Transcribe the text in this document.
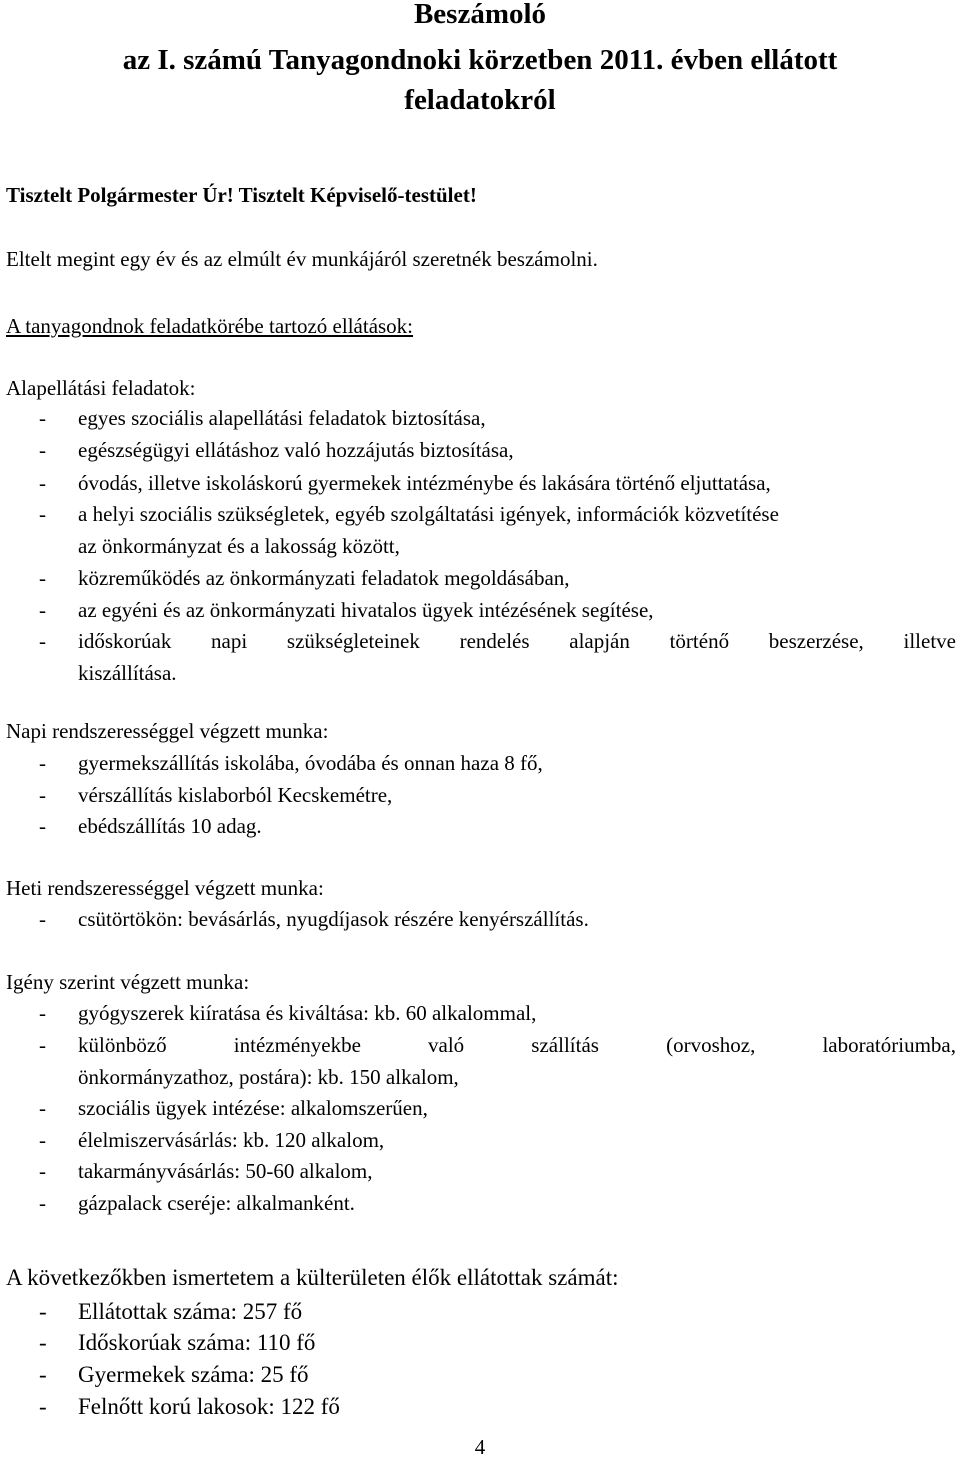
Beszámoló
az I. számú Tanyagondnoki körzetben 2011. évben ellátott
feladatokról
Tisztelt Polgármester Úr! Tisztelt Képviselő-testület!
Eltelt megint egy év és az elmúlt év munkájáról szeretnék beszámolni.
A tanyagondnok feladatkörébe tartozó ellátások:
Alapellátási feladatok:
- egyes szociális alapellátási feladatok biztosítása,
- egészségügyi ellátáshoz való hozzájutás biztosítása,
- óvodás, illetve iskoláskorú gyermekek intézménybe és lakására történő eljuttatása,
- a helyi szociális szükségletek, egyéb szolgáltatási igények, információk közvetítése
az önkormányzat és a lakosság között,
- közreműködés az önkormányzati feladatok megoldásában,
- az egyéni és az önkormányzati hivatalos ügyek intézésének segítése,
- időskorúak napi szükségleteinek rendelés alapján történő beszerzése, illetve
kiszállítása.
Napi rendszerességgel végzett munka:
- gyermekszállítás iskolába, óvodába és onnan haza 8 fő,
- vérszállítás kislaborból Kecskemétre,
- ebédszállítás 10 adag.
Heti rendszerességgel végzett munka:
- csütörtökön: bevásárlás, nyugdíjasok részére kenyérszállítás.
Igény szerint végzett munka:
- gyógyszerek kiíratása és kiváltása: kb. 60 alkalommal,
- különböző intézményekbe való szállítás (orvoshoz, laboratóriumba,
önkormányzathoz, postára): kb. 150 alkalom,
- szociális ügyek intézése: alkalomszerűen,
- élelmiszervásárlás: kb. 120 alkalom,
- takarmányvásárlás: 50-60 alkalom,
- gázpalack cseréje: alkalmanként.
A következőkben ismertetem a külterületen élők ellátottak számát:
- Ellátottak száma: 257 fő
- Időskorúak száma: 110 fő
- Gyermekek száma: 25 fő
- Felnőtt korú lakosok: 122 fő
4
